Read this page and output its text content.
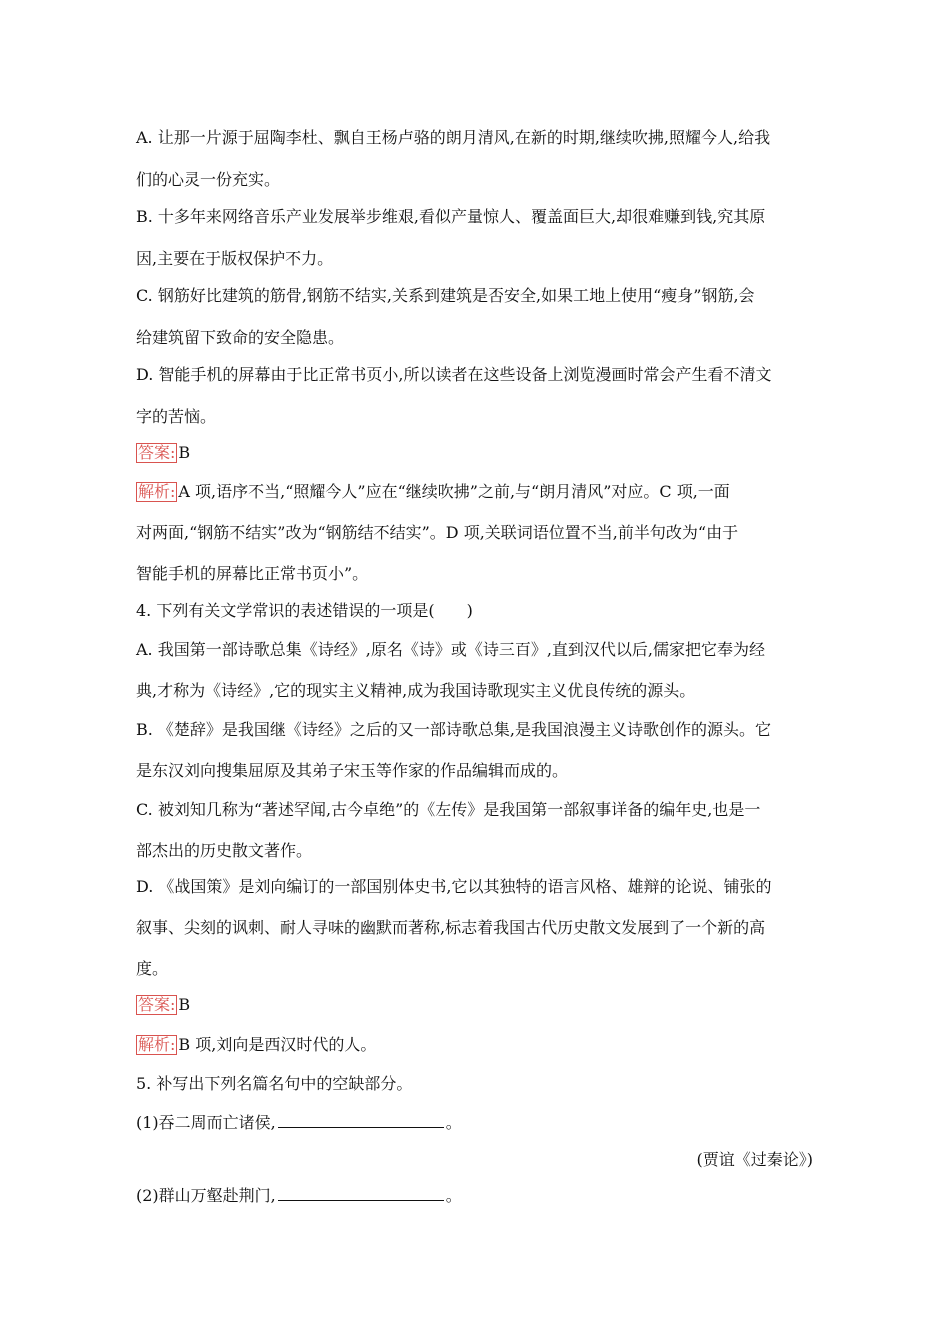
A. 让那一片源于屈陶李杜、飘自王杨卢骆的朗月清风,在新的时期,继续吹拂,照耀今人,给我
们的心灵一份充实。
B. 十多年来网络音乐产业发展举步维艰,看似产量惊人、覆盖面巨大,却很难赚到钱,究其原
因,主要在于版权保护不力。
C. 钢筋好比建筑的筋骨,钢筋不结实,关系到建筑是否安全,如果工地上使用“瘦身”钢筋,会
给建筑留下致命的安全隐患。
D. 智能手机的屏幕由于比正常书页小,所以读者在这些设备上浏览漫画时常会产生看不清文
字的苦恼。
答案: B
解析: A 项,语序不当,“照耀今人”应在“继续吹拂”之前,与“朗月清风”对应。C 项,一面
对两面,“钢筋不结实”改为“钢筋结不结实”。D 项,关联词语位置不当,前半句改为“由于
智能手机的屏幕比正常书页小”。
4. 下列有关文学常识的表述错误的一项是(　　)
A. 我国第一部诗歌总集《诗经》,原名《诗》或《诗三百》,直到汉代以后,儒家把它奉为经
典,才称为《诗经》,它的现实主义精神,成为我国诗歌现实主义优良传统的源头。
B. 《楚辞》是我国继《诗经》之后的又一部诗歌总集,是我国浪漫主义诗歌创作的源头。它
是东汉刘向搜集屈原及其弟子宋玉等作家的作品编辑而成的。
C. 被刘知几称为“著述罕闻,古今卓绝”的《左传》是我国第一部叙事详备的编年史,也是一
部杰出的历史散文著作。
D. 《战国策》是刘向编订的一部国别体史书,它以其独特的语言风格、雄辩的论说、铺张的
叙事、尖刻的讽刺、耐人寻味的幽默而著称,标志着我国古代历史散文发展到了一个新的高
度。
答案: B
解析: B 项,刘向是西汉时代的人。
5. 补写出下列名篇名句中的空缺部分。
(1)吞二周而亡诸侯,	。
(贾谊《过秦论》)
(2)群山万壑赴荆门,	。
